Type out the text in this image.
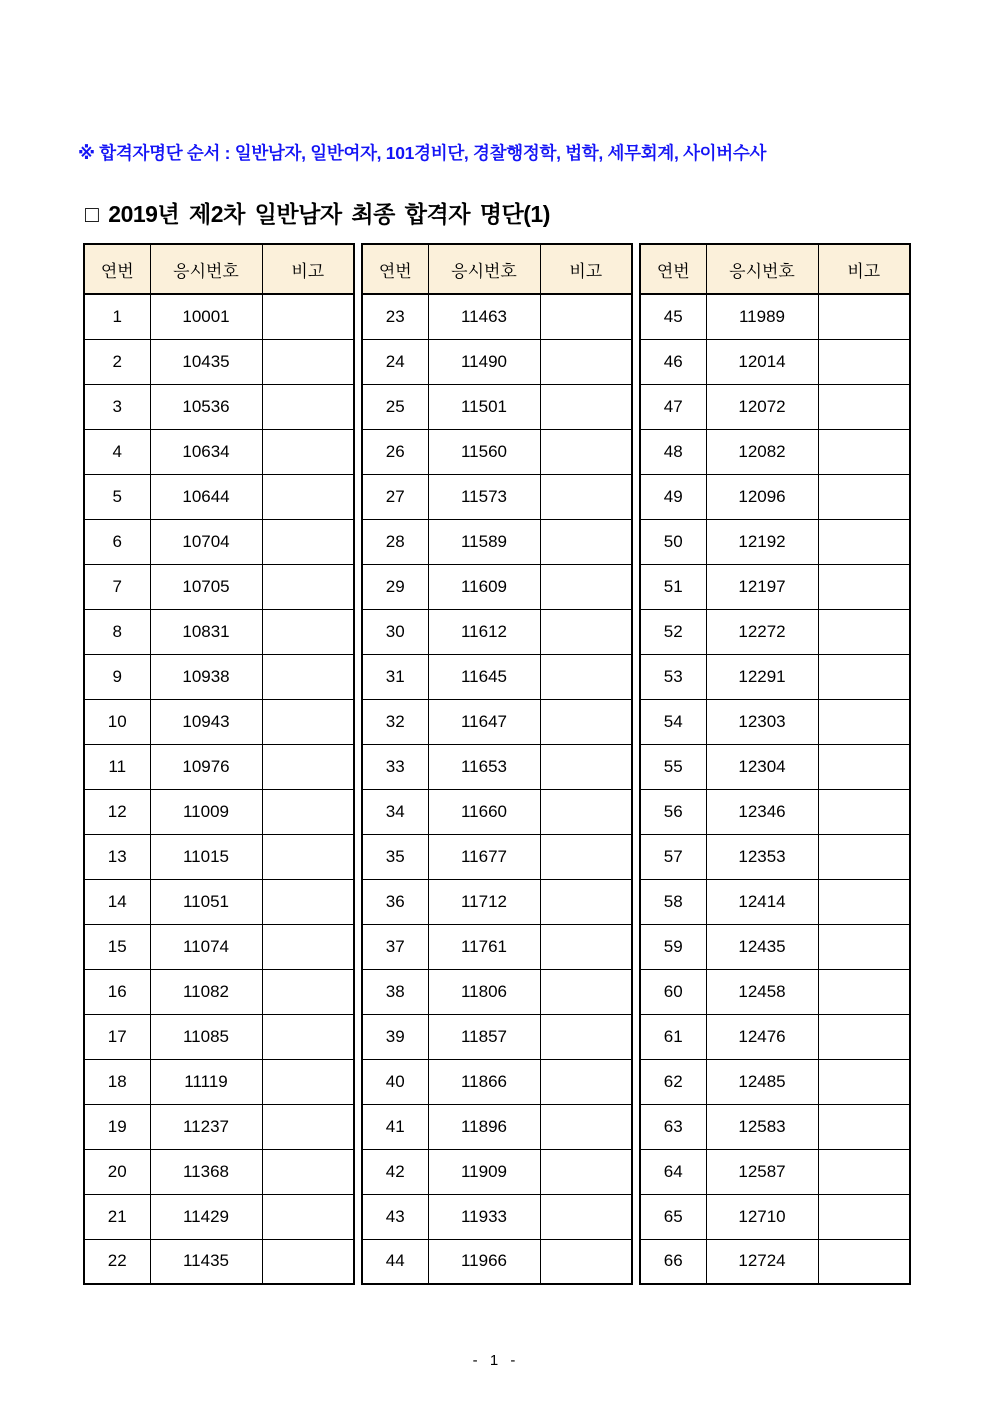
※ 합격자명단 순서 : 일반남자, 일반여자, 101경비단, 경찰행정학, 법학, 세무회계, 사이버수사
□ 2019년 제2차 일반남자 최종 합격자 명단(1)
연번	응시번호	비고
1	10001	
2	10435	
3	10536	
4	10634	
5	10644	
6	10704	
7	10705	
8	10831	
9	10938	
10	10943	
11	10976	
12	11009	
13	11015	
14	11051	
15	11074	
16	11082	
17	11085	
18	11119	
19	11237	
20	11368	
21	11429	
22	11435	
연번	응시번호	비고
23	11463	
24	11490	
25	11501	
26	11560	
27	11573	
28	11589	
29	11609	
30	11612	
31	11645	
32	11647	
33	11653	
34	11660	
35	11677	
36	11712	
37	11761	
38	11806	
39	11857	
40	11866	
41	11896	
42	11909	
43	11933	
44	11966	
연번	응시번호	비고
45	11989	
46	12014	
47	12072	
48	12082	
49	12096	
50	12192	
51	12197	
52	12272	
53	12291	
54	12303	
55	12304	
56	12346	
57	12353	
58	12414	
59	12435	
60	12458	
61	12476	
62	12485	
63	12583	
64	12587	
65	12710	
66	12724	
- 1 -
